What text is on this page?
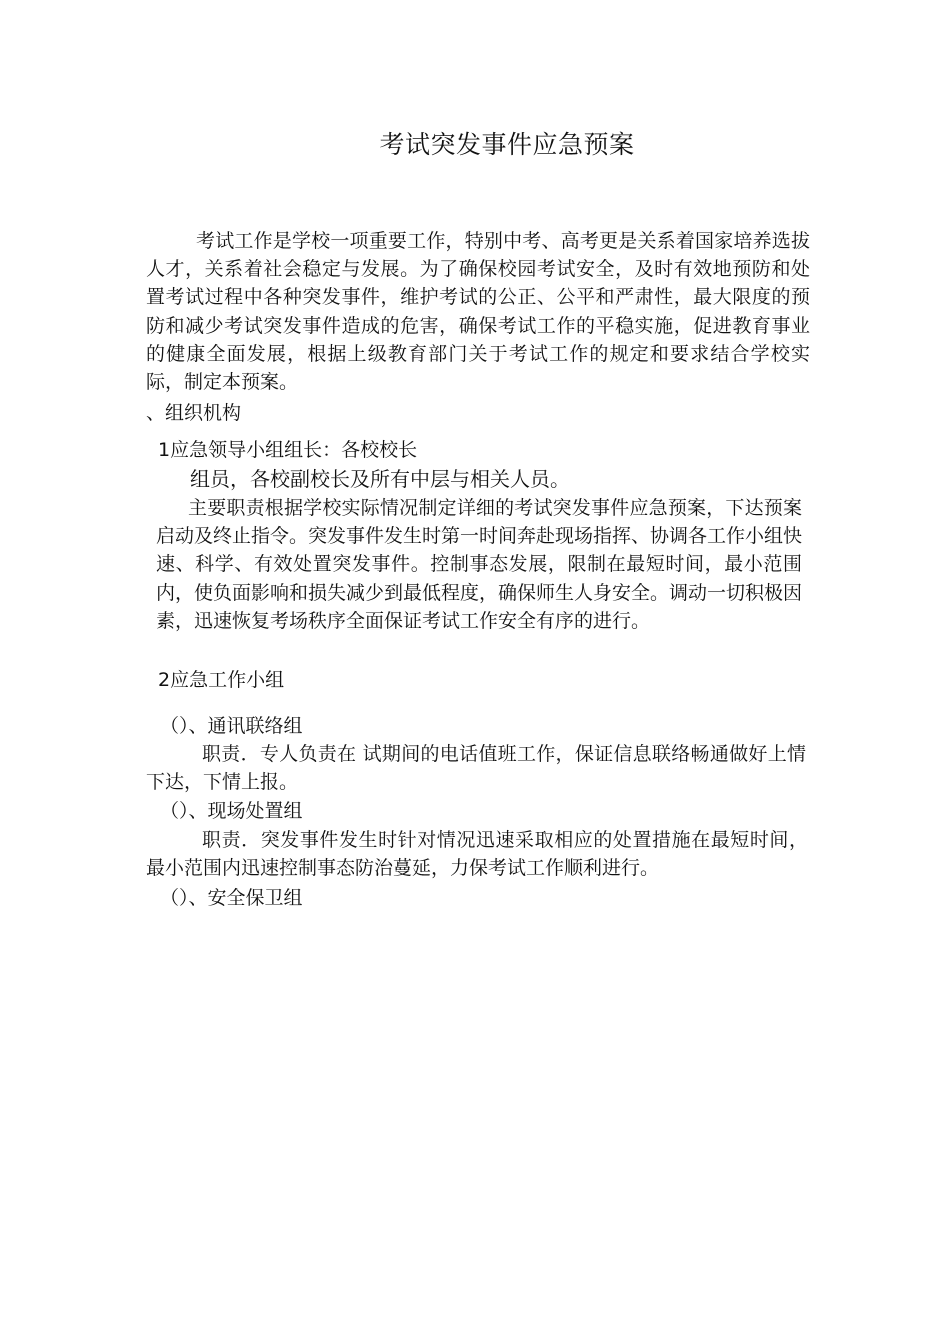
考试突发事件应急预案

考试工作是学校一项重要工作，特别中考、高考更是关系着国家培养选拔人才，关系着社会稳定与发展。为了确保校园考试安全，及时有效地预防和处置考试过程中各种突发事件，维护考试的公正、公平和严肃性，最大限度的预防和减少考试突发事件造成的危害，确保考试工作的平稳实施，促进教育事业的健康全面发展，根据上级教育部门关于考试工作的规定和要求结合学校实际，制定本预案。

、组织机构

1应急领导小组组长：各校校长

组员，各校副校长及所有中层与相关人员。

主要职责根据学校实际情况制定详细的考试突发事件应急预案，下达预案启动及终止指令。突发事件发生时第一时间奔赴现场指挥、协调各工作小组快速、科学、有效处置突发事件。控制事态发展，限制在最短时间，最小范围内，使负面影响和损失减少到最低程度，确保师生人身安全。调动一切积极因素，迅速恢复考场秩序全面保证考试工作安全有序的进行。

2应急工作小组

（）、通讯联络组

职责．专人负责在 试期间的电话值班工作，保证信息联络畅通做好上情下达，下情上报。

（）、现场处置组

职责．突发事件发生时针对情况迅速采取相应的处置措施在最短时间，最小范围内迅速控制事态防治蔓延，力保考试工作顺利进行。

（）、安全保卫组
